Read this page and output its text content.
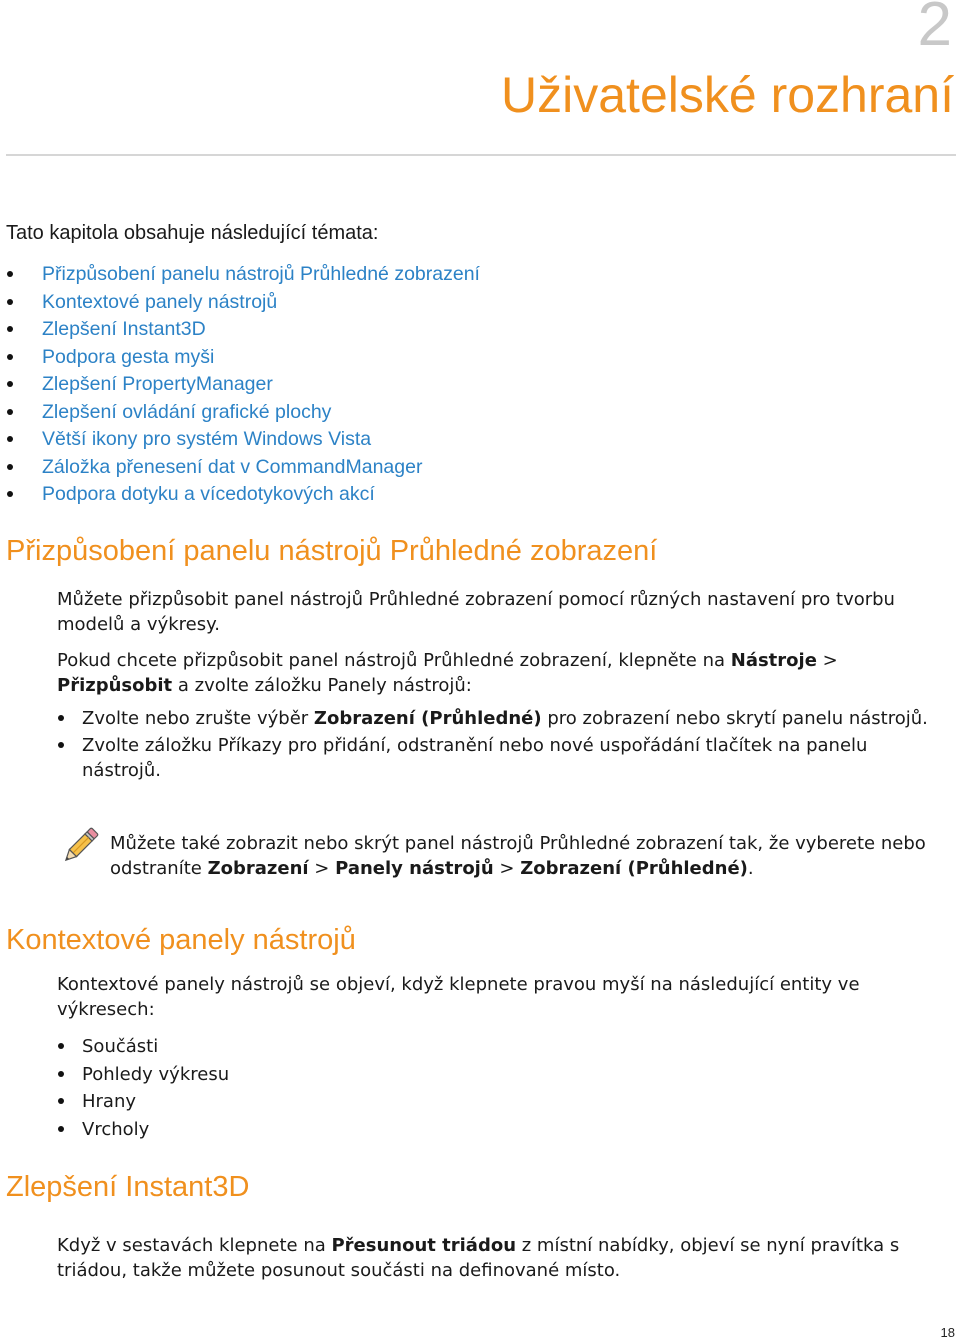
2
Uživatelské rozhraní
Tato kapitola obsahuje následující témata:
Přizpůsobení panelu nástrojů Průhledné zobrazení
Kontextové panely nástrojů
Zlepšení Instant3D
Podpora gesta myši
Zlepšení PropertyManager
Zlepšení ovládání grafické plochy
Větší ikony pro systém Windows Vista
Záložka přenesení dat v CommandManager
Podpora dotyku a vícedotykových akcí
Přizpůsobení panelu nástrojů Průhledné zobrazení

Můžete přizpůsobit panel nástrojů Průhledné zobrazení pomocí různých nastavení pro tvorbu modelů a výkresy.

Pokud chcete přizpůsobit panel nástrojů Průhledné zobrazení, klepněte na Nástroje > Přizpůsobit a zvolte záložku Panely nástrojů:

Zvolte nebo zrušte výběr Zobrazení (Průhledné) pro zobrazení nebo skrytí panelu nástrojů.
Zvolte záložku Příkazy pro přidání, odstranění nebo nové uspořádání tlačítek na panelu nástrojů.

Můžete také zobrazit nebo skrýt panel nástrojů Průhledné zobrazení tak, že vyberete nebo odstraníte Zobrazení > Panely nástrojů > Zobrazení (Průhledné).

Kontextové panely nástrojů

Kontextové panely nástrojů se objeví, když klepnete pravou myší na následující entity ve výkresech:

Součásti
Pohledy výkresu
Hrany
Vrcholy
Zlepšení Instant3D

Když v sestavách klepnete na Přesunout triádou z místní nabídky, objeví se nyní pravítka s triádou, takže můžete posunout součásti na definované místo.

18
